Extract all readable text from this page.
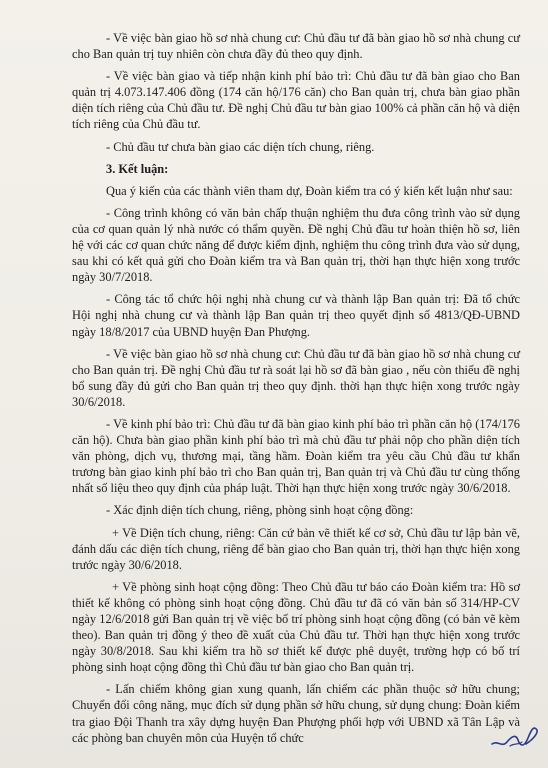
- Về việc bàn giao hồ sơ nhà chung cư: Chủ đầu tư đã bàn giao hồ sơ nhà chung cư cho Ban quản trị tuy nhiên còn chưa đầy đủ theo quy định.

- Về việc bàn giao và tiếp nhận kinh phí bảo trì: Chủ đầu tư đã bàn giao cho Ban quản trị 4.073.147.406 đồng (174 căn hộ/176 căn) cho Ban quản trị, chưa bàn giao phần diện tích riêng của Chủ đầu tư. Đề nghị Chủ đầu tư bàn giao 100% cả phần căn hộ và diện tích riêng của Chủ đầu tư.

- Chủ đầu tư chưa bàn giao các diện tích chung, riêng.

3. Kết luận:

Qua ý kiến của các thành viên tham dự, Đoàn kiểm tra có ý kiến kết luận như sau:

- Công trình không có văn bản chấp thuận nghiệm thu đưa công trình vào sử dụng của cơ quan quản lý nhà nước có thẩm quyền. Đề nghị Chủ đầu tư hoàn thiện hồ sơ, liên hệ với các cơ quan chức năng để được kiểm định, nghiệm thu công trình đưa vào sử dụng, sau khi có kết quả gửi cho Đoàn kiểm tra và Ban quản trị, thời hạn thực hiện xong trước ngày 30/7/2018.

- Công tác tổ chức hội nghị nhà chung cư và thành lập Ban quản trị: Đã tổ chức Hội nghị nhà chung cư và thành lập Ban quản trị theo quyết định số 4813/QĐ-UBND ngày 18/8/2017 của UBND huyện Đan Phượng.

- Về việc bàn giao hồ sơ nhà chung cư: Chủ đầu tư đã bàn giao hồ sơ nhà chung cư cho Ban quản trị. Đề nghị Chủ đầu tư rà soát lại hồ sơ đã bàn giao , nếu còn thiếu đề nghị bổ sung đầy đủ gửi cho Ban quản trị theo quy định. thời hạn thực hiện xong trước ngày 30/6/2018.

- Về kinh phí bảo trì: Chủ đầu tư đã bàn giao kinh phí bảo trì phần căn hộ (174/176 căn hộ). Chưa bàn giao phần kinh phí bảo trì mà chủ đầu tư phải nộp cho phần diện tích văn phòng, dịch vụ, thương mại, tầng hầm. Đoàn kiểm tra yêu cầu Chủ đầu tư khẩn trương bàn giao kinh phí bảo trì cho Ban quản trị, Ban quản trị và Chủ đầu tư cùng thống nhất số liệu theo quy định của pháp luật. Thời hạn thực hiện xong trước ngày 30/6/2018.

- Xác định diện tích chung, riêng, phòng sinh hoạt cộng đồng:

+ Về Diện tích chung, riêng: Căn cứ bản vẽ thiết kế cơ sở, Chủ đầu tư lập bản vẽ, đánh dấu các diện tích chung, riêng để bàn giao cho Ban quản trị, thời hạn thực hiện xong trước ngày 30/6/2018.

+ Về phòng sinh hoạt cộng đồng: Theo Chủ đầu tư báo cáo Đoàn kiểm tra: Hồ sơ thiết kế không có phòng sinh hoạt cộng đồng. Chủ đầu tư đã có văn bản số 314/HP-CV ngày 12/6/2018 gửi Ban quản trị về việc bố trí phòng sinh hoạt cộng đồng (có bản vẽ kèm theo). Ban quản trị đồng ý theo đề xuất của Chủ đầu tư. Thời hạn thực hiện xong trước ngày 30/8/2018. Sau khi kiểm tra hồ sơ thiết kế được phê duyệt, trường hợp có bố trí phòng sinh hoạt cộng đồng thì Chủ đầu tư bàn giao cho Ban quản trị.

- Lấn chiếm không gian xung quanh, lấn chiếm các phần thuộc sở hữu chung; Chuyển đổi công năng, mục đích sử dụng phần sở hữu chung, sử dụng chung: Đoàn kiểm tra giao Đội Thanh tra xây dựng huyện Đan Phượng phối hợp với UBND xã Tân Lập và các phòng ban chuyên môn của Huyện tổ chức
